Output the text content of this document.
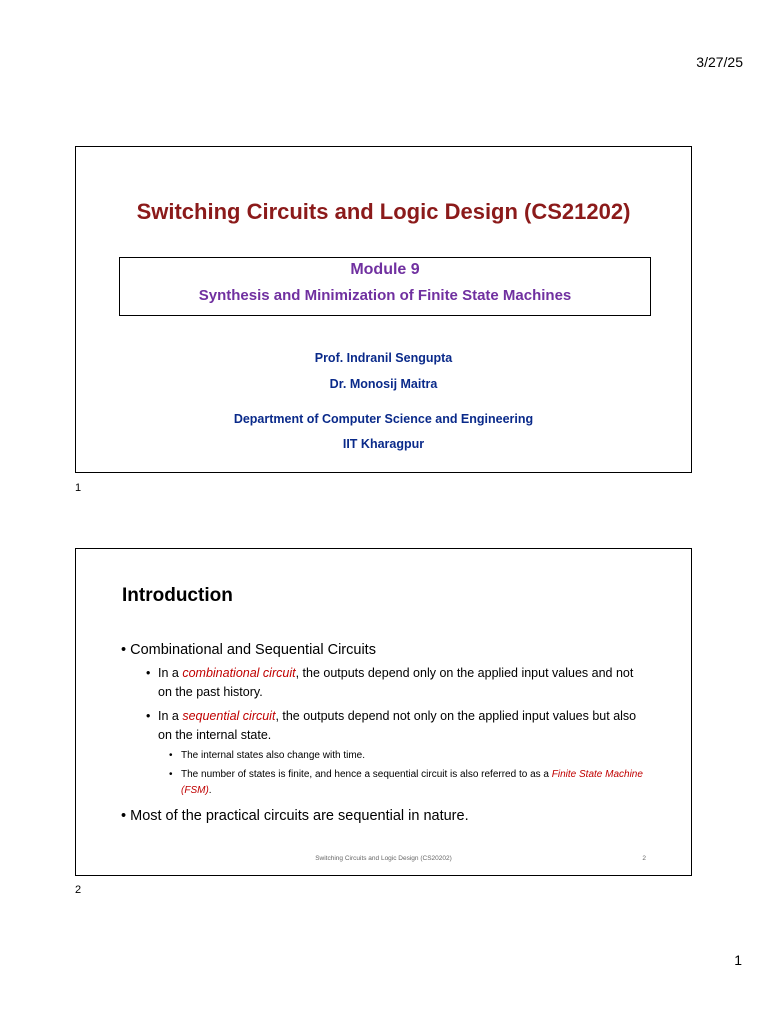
3/27/25
Switching Circuits and Logic Design (CS21202)
Module 9
Synthesis and Minimization of Finite State Machines
Prof. Indranil Sengupta
Dr. Monosij Maitra
Department of Computer Science and Engineering
IIT Kharagpur
1
Introduction
• Combinational and Sequential Circuits
• In a combinational circuit, the outputs depend only on the applied input values and not on the past history.
• In a sequential circuit, the outputs depend not only on the applied input values but also on the internal state.
• The internal states also change with time.
• The number of states is finite, and hence a sequential circuit is also referred to as a Finite State Machine (FSM).
• Most of the practical circuits are sequential in nature.
Switching Circuits and Logic Design (CS20202)	2
2
1
